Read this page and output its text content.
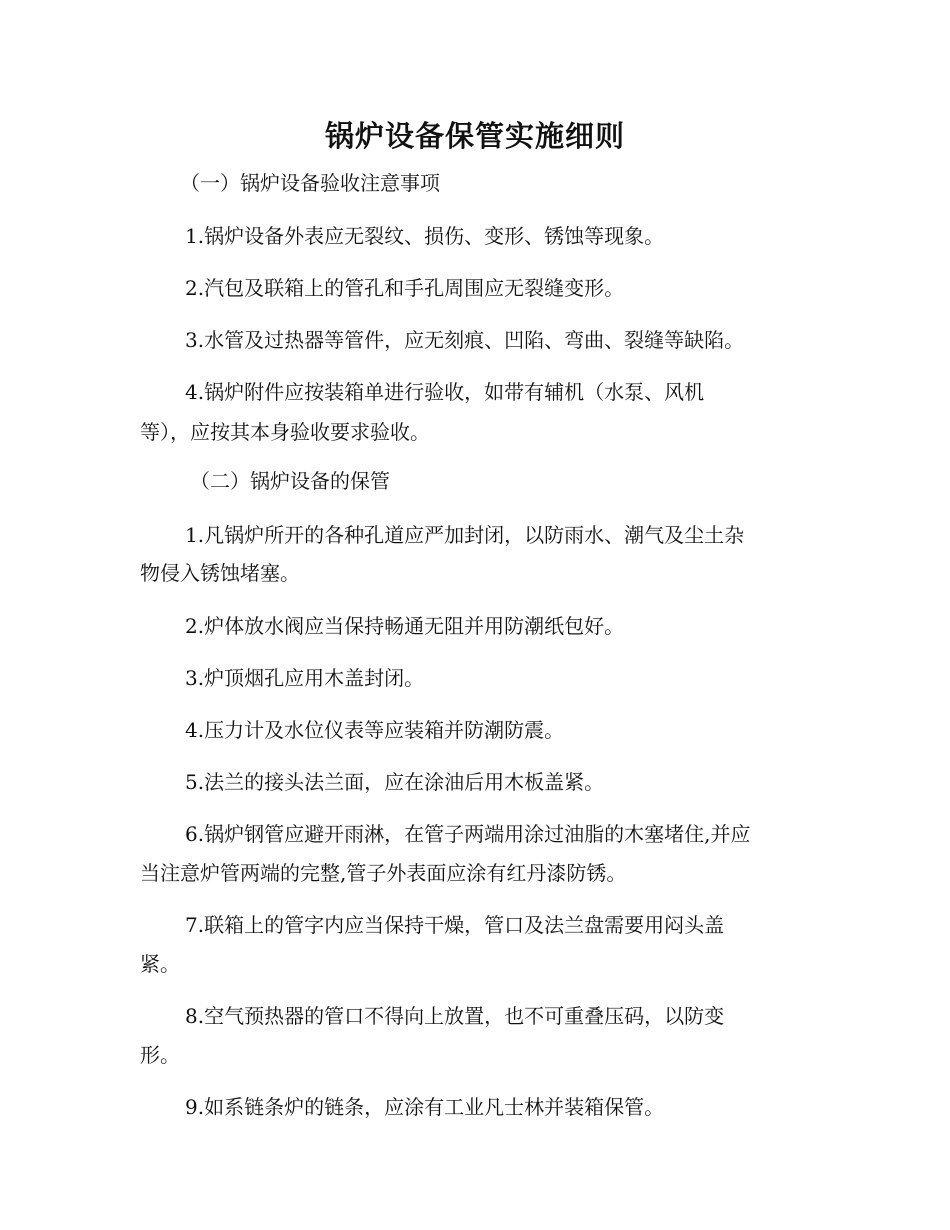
锅炉设备保管实施细则

（一）锅炉设备验收注意事项

1.锅炉设备外表应无裂纹、损伤、变形、锈蚀等现象。

2.汽包及联箱上的管孔和手孔周围应无裂缝变形。

3.水管及过热器等管件，应无刻痕、凹陷、弯曲、裂缝等缺陷。

4.锅炉附件应按装箱单进行验收，如带有辅机（水泵、风机

等），应按其本身验收要求验收。

（二）锅炉设备的保管

1.凡锅炉所开的各种孔道应严加封闭，以防雨水、潮气及尘土杂

物侵入锈蚀堵塞。

2.炉体放水阀应当保持畅通无阻并用防潮纸包好。

3.炉顶烟孔应用木盖封闭。

4.压力计及水位仪表等应装箱并防潮防震。

5.法兰的接头法兰面，应在涂油后用木板盖紧。

6.锅炉钢管应避开雨淋，在管子两端用涂过油脂的木塞堵住,并应

当注意炉管两端的完整,管子外表面应涂有红丹漆防锈。

7.联箱上的管字内应当保持干燥，管口及法兰盘需要用闷头盖

紧。

8.空气预热器的管口不得向上放置，也不可重叠压码，以防变

形。

9.如系链条炉的链条，应涂有工业凡士林并装箱保管。
